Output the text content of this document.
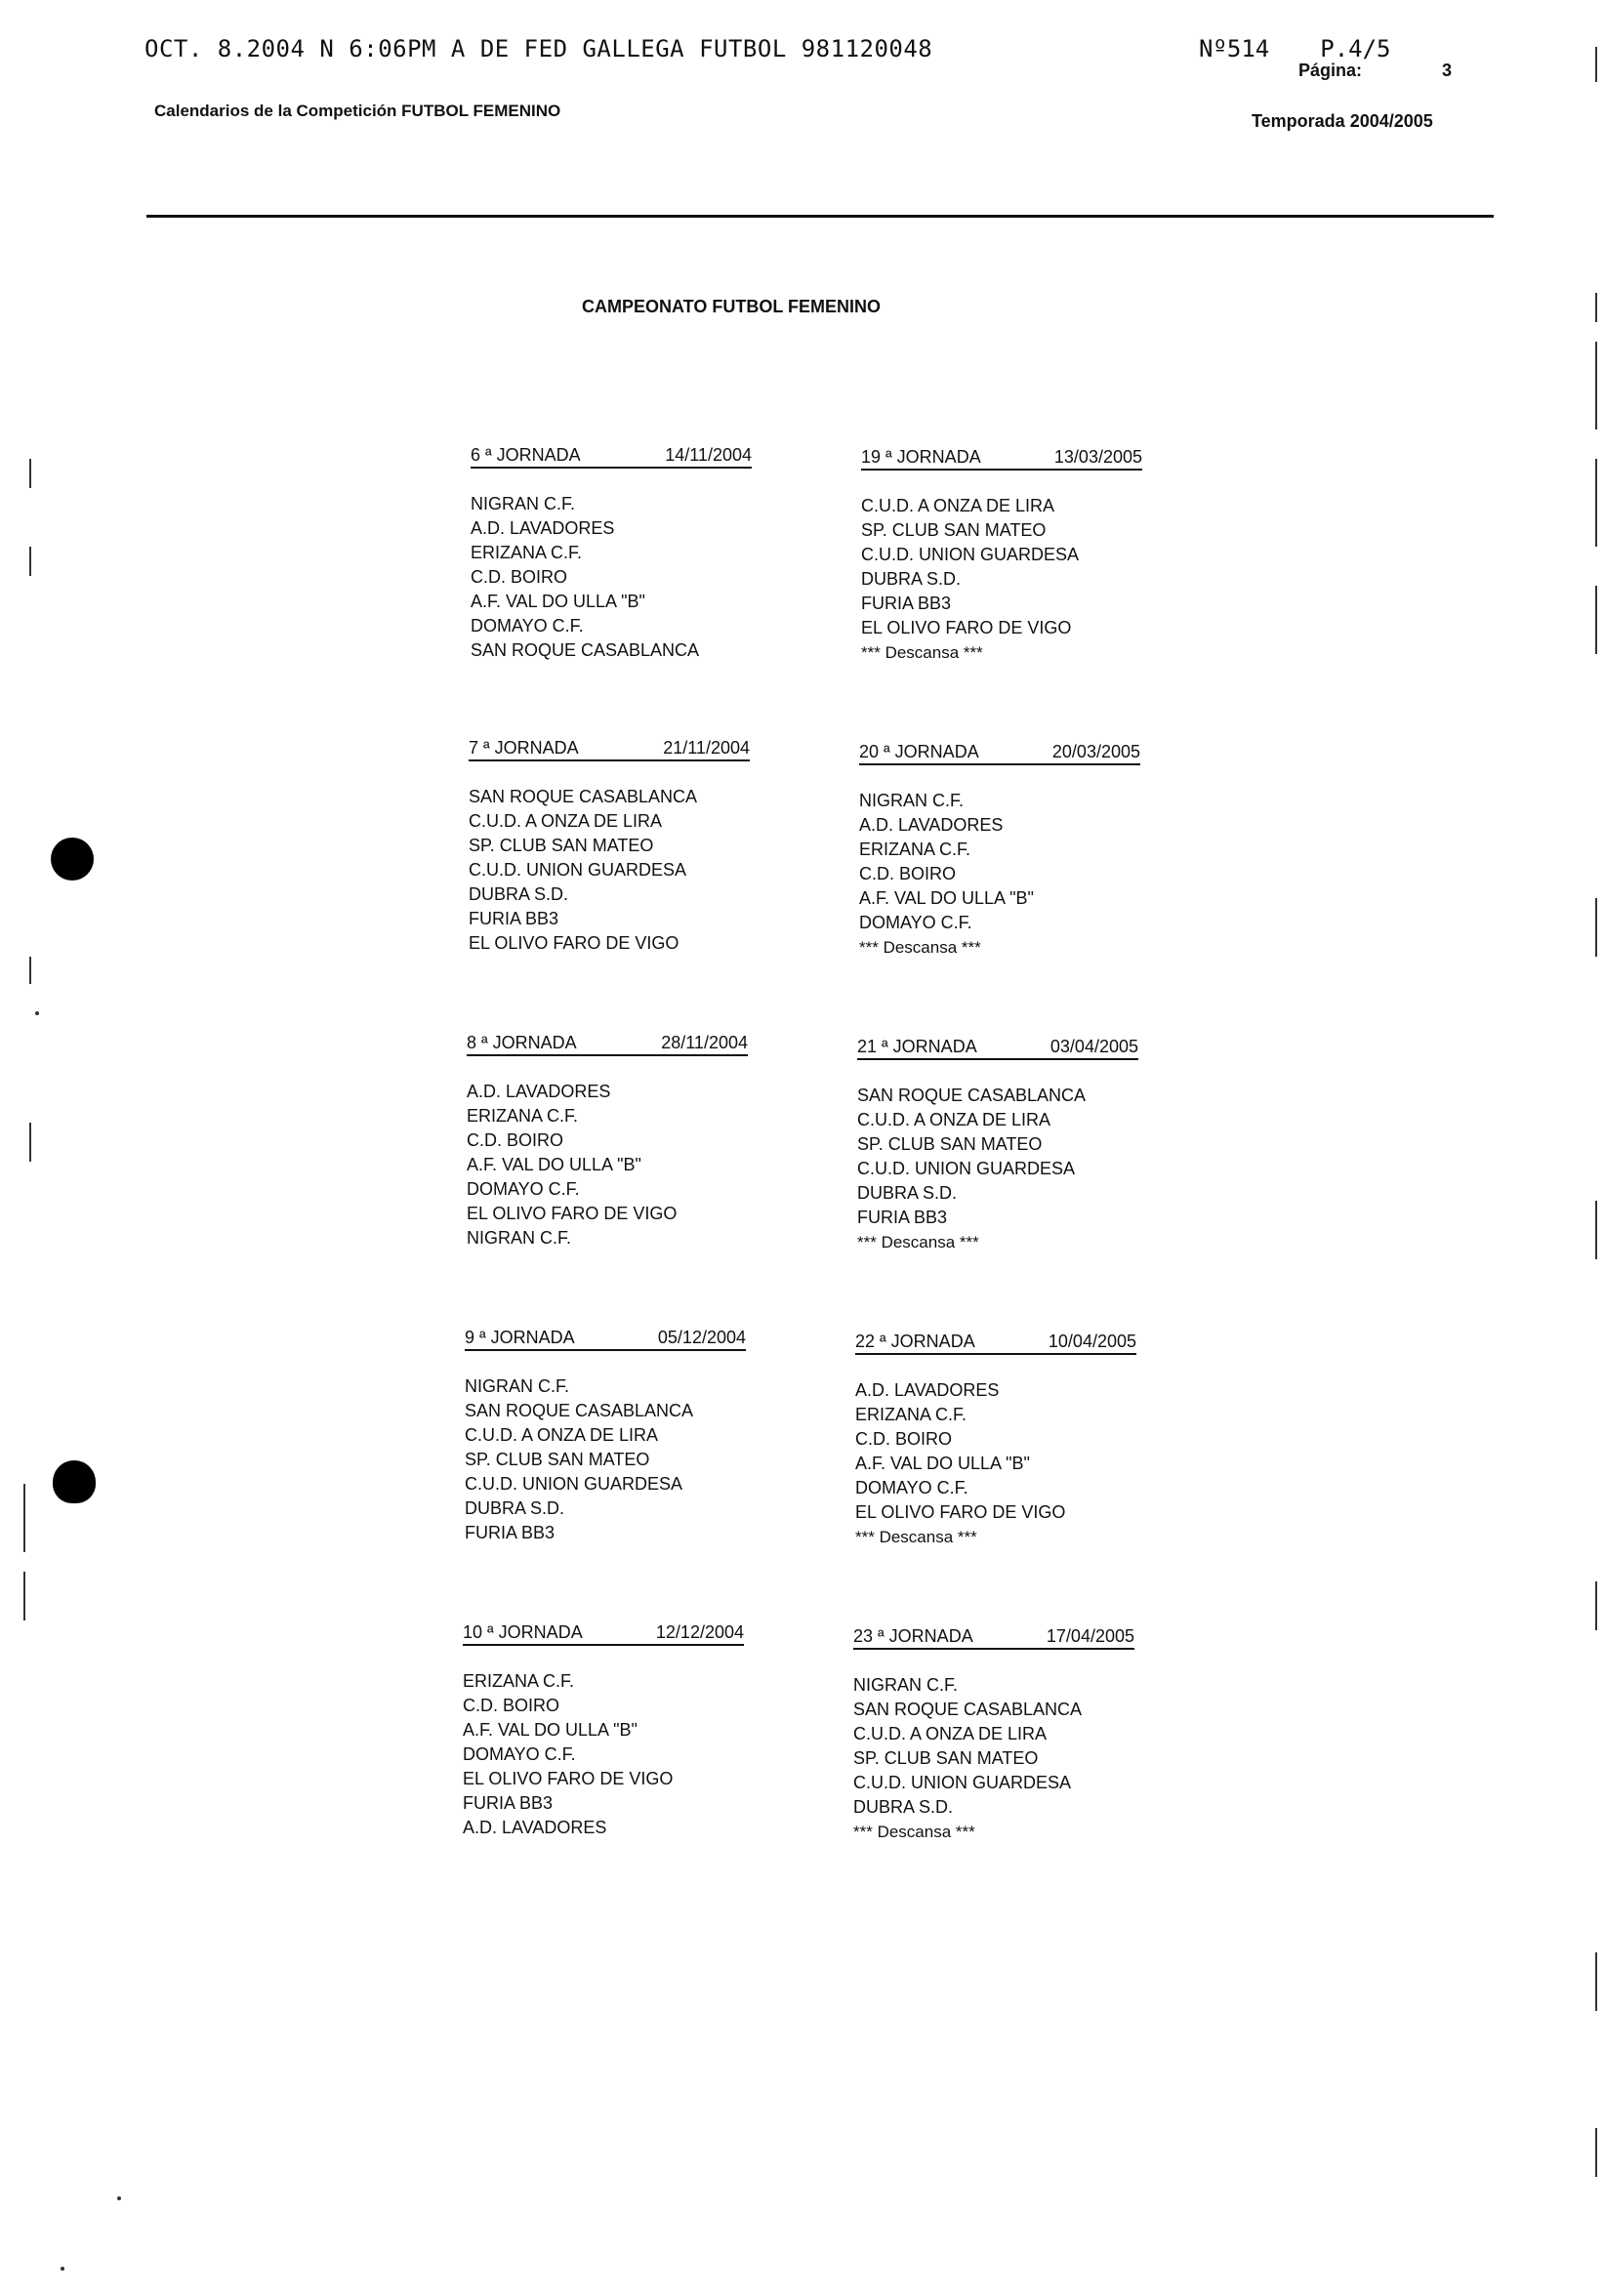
OCT. 8.2004 N 6:06PM A DE FED GALLEGA FUTBOL 981120048	Nº514 P.4/5
Página:	3
Calendarios de la Competición FUTBOL FEMENINO
Temporada 2004/2005
CAMPEONATO FUTBOL FEMENINO
6 ª JORNADA	14/11/2004
NIGRAN C.F.
A.D. LAVADORES
ERIZANA C.F.
C.D. BOIRO
A.F. VAL DO ULLA "B"
DOMAYO C.F.
SAN ROQUE CASABLANCA
19 ª JORNADA	13/03/2005
C.U.D. A ONZA DE LIRA
SP. CLUB SAN MATEO
C.U.D. UNION GUARDESA
DUBRA S.D.
FURIA BB3
EL OLIVO FARO DE VIGO
*** Descansa ***
7 ª JORNADA	21/11/2004
SAN ROQUE CASABLANCA
C.U.D. A ONZA DE LIRA
SP. CLUB SAN MATEO
C.U.D. UNION GUARDESA
DUBRA S.D.
FURIA BB3
EL OLIVO FARO DE VIGO
20 ª JORNADA	20/03/2005
NIGRAN C.F.
A.D. LAVADORES
ERIZANA C.F.
C.D. BOIRO
A.F. VAL DO ULLA "B"
DOMAYO C.F.
*** Descansa ***
8 ª JORNADA	28/11/2004
A.D. LAVADORES
ERIZANA C.F.
C.D. BOIRO
A.F. VAL DO ULLA "B"
DOMAYO C.F.
EL OLIVO FARO DE VIGO
NIGRAN C.F.
21 ª JORNADA	03/04/2005
SAN ROQUE CASABLANCA
C.U.D. A ONZA DE LIRA
SP. CLUB SAN MATEO
C.U.D. UNION GUARDESA
DUBRA S.D.
FURIA BB3
*** Descansa ***
9 ª JORNADA	05/12/2004
NIGRAN C.F.
SAN ROQUE CASABLANCA
C.U.D. A ONZA DE LIRA
SP. CLUB SAN MATEO
C.U.D. UNION GUARDESA
DUBRA S.D.
FURIA BB3
22 ª JORNADA	10/04/2005
A.D. LAVADORES
ERIZANA C.F.
C.D. BOIRO
A.F. VAL DO ULLA "B"
DOMAYO C.F.
EL OLIVO FARO DE VIGO
*** Descansa ***
10 ª JORNADA	12/12/2004
ERIZANA C.F.
C.D. BOIRO
A.F. VAL DO ULLA "B"
DOMAYO C.F.
EL OLIVO FARO DE VIGO
FURIA BB3
A.D. LAVADORES
23 ª JORNADA	17/04/2005
NIGRAN C.F.
SAN ROQUE CASABLANCA
C.U.D. A ONZA DE LIRA
SP. CLUB SAN MATEO
C.U.D. UNION GUARDESA
DUBRA S.D.
*** Descansa ***
